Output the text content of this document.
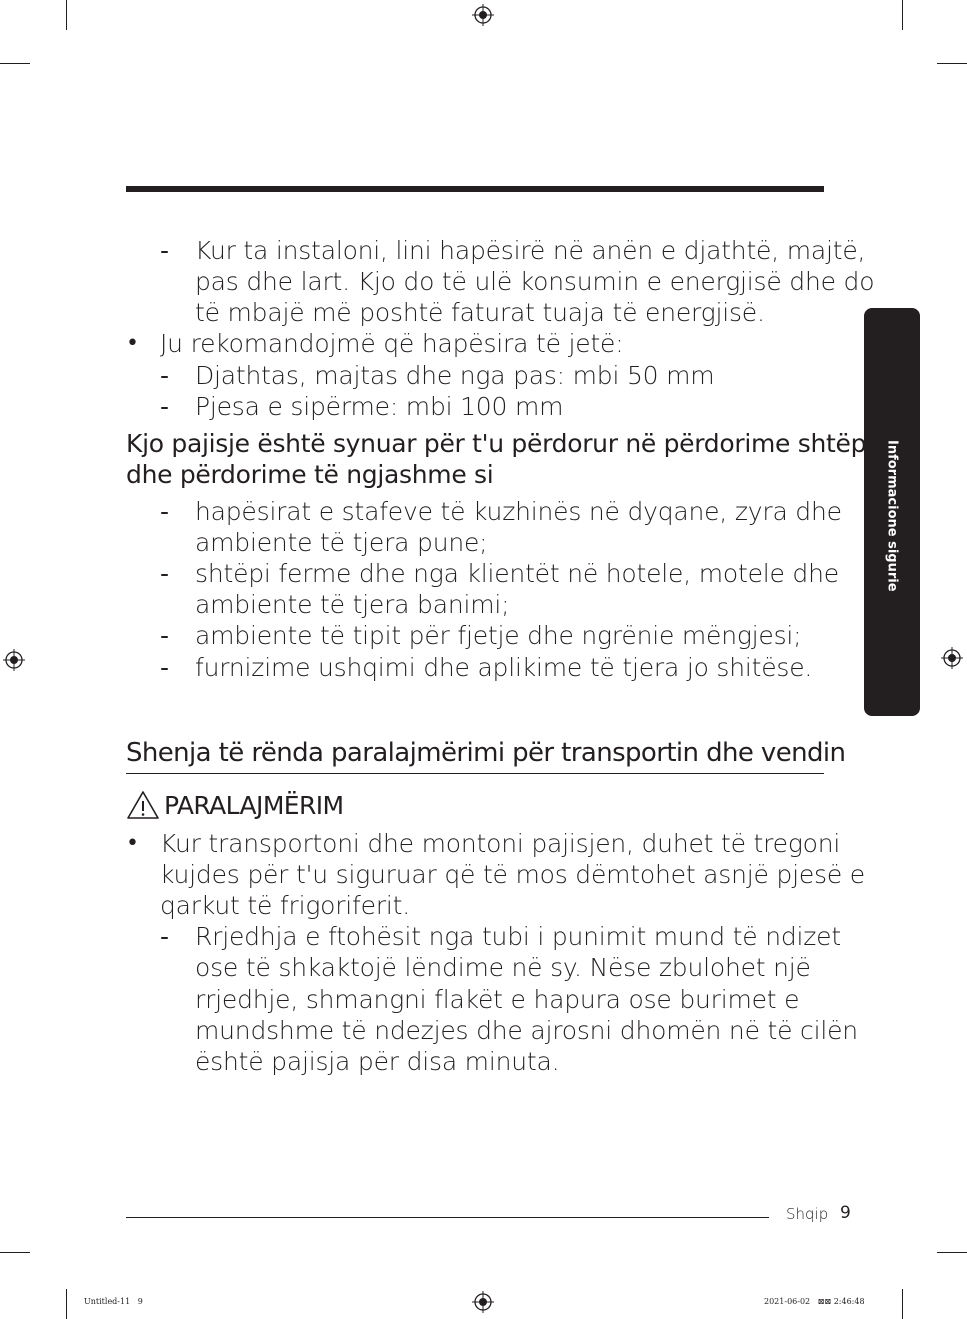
Informacione sigurie
- Kur ta instaloni, lini hapësirë në anën e djathtë, majtë,
pas dhe lart. Kjo do të ulë konsumin e energjisë dhe do
të mbajë më poshtë faturat tuaja të energjisë.
• Ju rekomandojmë që hapësira të jetë:
- Djathtas, majtas dhe nga pas: mbi 50 mm
- Pjesa e sipërme: mbi 100 mm
Kjo pajisje është synuar për t'u përdorur në përdorime shtëpie
dhe përdorime të ngjashme si
- hapësirat e stafeve të kuzhinës në dyqane, zyra dhe
ambiente të tjera pune;
- shtëpi ferme dhe nga klientët në hotele, motele dhe
ambiente të tjera banimi;
- ambiente të tipit për fjetje dhe ngrënie mëngjesi;
- furnizime ushqimi dhe aplikime të tjera jo shitëse.
Shenja të rënda paralajmërimi për transportin dhe vendin
PARALAJMËRIM
• Kur transportoni dhe montoni pajisjen, duhet të tregoni
kujdes për t'u siguruar që të mos dëmtohet asnjë pjesë e
qarkut të frigoriferit.
- Rrjedhja e ftohësit nga tubi i punimit mund të ndizet
ose të shkaktojë lëndime në sy. Nëse zbulohet një
rrjedhje, shmangni flakët e hapura ose burimet e
mundshme të ndezjes dhe ajrosni dhomën në të cilën
është pajisja për disa minuta.
Shqip 9
Untitled-11   9	2021-06-02   ⊠⊠ 2:46:48
